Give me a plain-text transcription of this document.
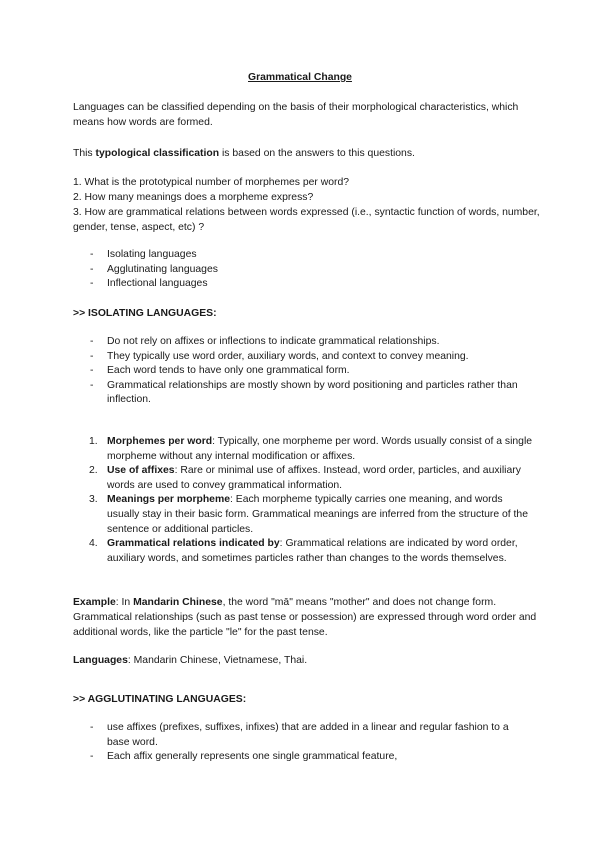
Grammatical Change

Languages can be classified depending on the basis of their morphological characteristics, which means how words are formed.

This typological classification is based on the answers to this questions.

1. What is the prototypical number of morphemes per word?
2. How many meanings does a morpheme express?
3. How are grammatical relations between words expressed (i.e., syntactic function of words, number, gender, tense, aspect, etc) ?
- Isolating languages
- Agglutinating languages
- Inflectional languages
>> ISOLATING LANGUAGES:
- Do not rely on affixes or inflections to indicate grammatical relationships.
- They typically use word order, auxiliary words, and context to convey meaning.
- Each word tends to have only one grammatical form.
- Grammatical relationships are mostly shown by word positioning and particles rather than inflection.
1. Morphemes per word: Typically, one morpheme per word. Words usually consist of a single morpheme without any internal modification or affixes.
2. Use of affixes: Rare or minimal use of affixes. Instead, word order, particles, and auxiliary words are used to convey grammatical information.
3. Meanings per morpheme: Each morpheme typically carries one meaning, and words usually stay in their basic form. Grammatical meanings are inferred from the structure of the sentence or additional particles.
4. Grammatical relations indicated by: Grammatical relations are indicated by word order, auxiliary words, and sometimes particles rather than changes to the words themselves.

Example: In Mandarin Chinese, the word "mā" means "mother" and does not change form. Grammatical relationships (such as past tense or possession) are expressed through word order and additional words, like the particle "le" for the past tense.

Languages: Mandarin Chinese, Vietnamese, Thai.

>> AGGLUTINATING LANGUAGES:
- use affixes (prefixes, suffixes, infixes) that are added in a linear and regular fashion to a base word.
- Each affix generally represents one single grammatical feature,
